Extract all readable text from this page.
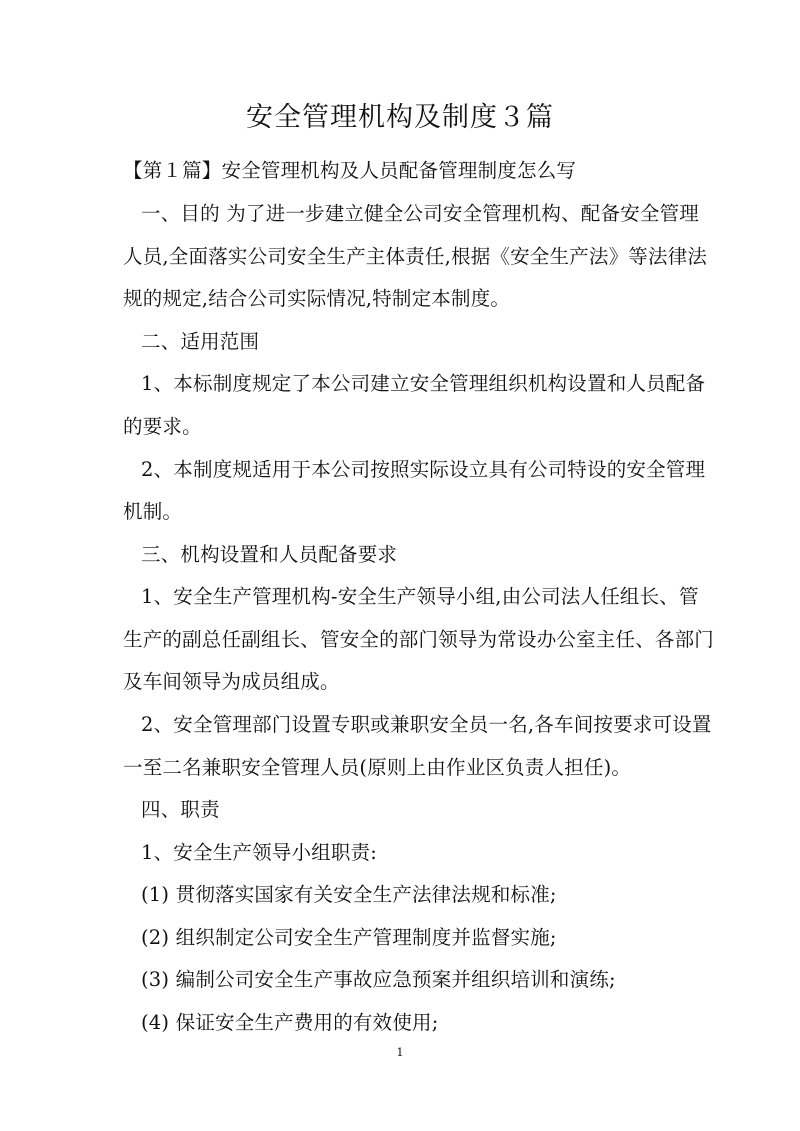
安全管理机构及制度３篇
【第１篇】安全管理机构及人员配备管理制度怎么写
一、目的 为了进一步建立健全公司安全管理机构、配备安全管理
人员,全面落实公司安全生产主体责任,根据《安全生产法》等法律法
规的规定,结合公司实际情况,特制定本制度。
二、适用范围
1、本标制度规定了本公司建立安全管理组织机构设置和人员配备
的要求。
2、本制度规适用于本公司按照实际设立具有公司特设的安全管理
机制。
三、机构设置和人员配备要求
1、安全生产管理机构-安全生产领导小组,由公司法人任组长、管
生产的副总任副组长、管安全的部门领导为常设办公室主任、各部门
及车间领导为成员组成。
2、安全管理部门设置专职或兼职安全员一名,各车间按要求可设置
一至二名兼职安全管理人员(原则上由作业区负责人担任)。
四、职责
1、安全生产领导小组职责:
(1) 贯彻落实国家有关安全生产法律法规和标准;
(2) 组织制定公司安全生产管理制度并监督实施;
(3) 编制公司安全生产事故应急预案并组织培训和演练;
(4) 保证安全生产费用的有效使用;
1
